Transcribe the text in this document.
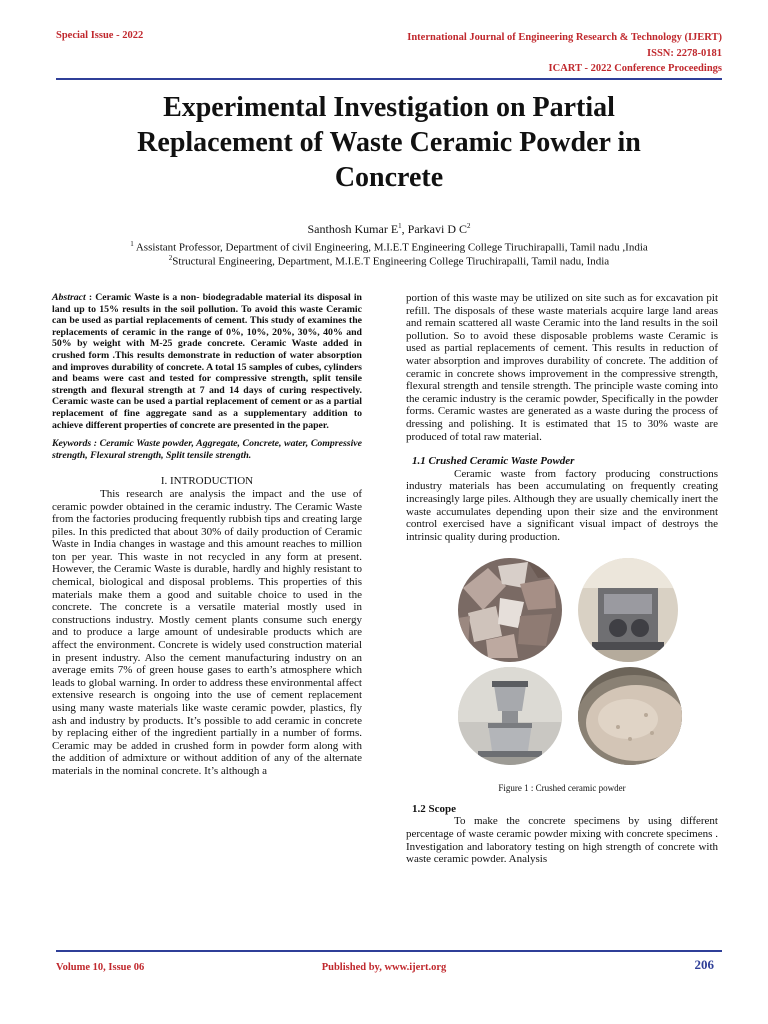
Special Issue - 2022	International Journal of Engineering Research & Technology (IJERT)
ISSN: 2278-0181
ICART - 2022 Conference Proceedings
Experimental Investigation on Partial
Replacement of Waste Ceramic Powder in
Concrete
Santhosh Kumar $E^1$, Parkavi D $C^2$
$^1$ Assistant Professor, Department of civil Engineering, M.I.E.T Engineering College Tiruchirapalli, Tamil nadu ,India
$^2$Structural Engineering, Department, M.I.E.T Engineering College Tiruchirapalli, Tamil nadu, India

Abstract : Ceramic Waste is a non- biodegradable material its disposal in land up to 15% results in the soil pollution. To avoid this waste Ceramic can be used as partial replacements of cement. This study of examines the replacements of ceramic in the range of 0%, 10%, 20%, 30%, 40% and 50% by weight with M-25 grade concrete. Ceramic Waste added in crushed form .This results demonstrate in reduction of water absorption and improves durability of concrete. A total 15 samples of cubes, cylinders and beams were cast and tested for compressive strength, split tensile strength and flexural strength at 7 and 14 days of curing respectively. Ceramic waste can be used a partial replacement of cement or as a partial replacement of fine aggregate sand as a supplementary addition to achieve different properties of concrete are presented in the paper.

Keywords : Ceramic Waste powder, Aggregate, Concrete, water, Compressive strength, Flexural strength, Split tensile strength.

I. INTRODUCTION

This research are analysis the impact and the use of ceramic powder obtained in the ceramic industry. The Ceramic Waste from the factories producing frequently rubbish tips and creating large piles. In this predicted that about 30% of daily production of Ceramic Waste in India changes in wastage and this amount reaches to million ton per year. This waste in not recycled in any form at present. However, the Ceramic Waste is durable, hardly and highly resistant to chemical, biological and disposal problems. This properties of this materials make them a good and suitable choice to used in the concrete. The concrete is a versatile material mostly used in constructions industry. Mostly cement plants consume such energy and to produce a large amount of undesirable products which are affect the environment. Concrete is widely used construction material in present industry. Also the cement manufacturing industry on an average emits 7% of green house gases to earth’s atmosphere which leads to global warning. In order to address these environmental affect extensive research is ongoing into the use of cement replacement using many waste materials like waste ceramic powder, plastics, fly ash and industry by products. It’s possible to add ceramic in concrete by replacing either of the ingredient partially in a number of forms. Ceramic may be added in crushed form in powder form along with the addition of admixture or without addition of any of the alternate materials in the nominal concrete. It’s although a

portion of this waste may be utilized on site such as for excavation pit refill. The disposals of these waste materials acquire large land areas and remain scattered all waste Ceramic into the land results in the soil pollution. So to avoid these disposable problems waste Ceramic is used as partial replacements of cement. This results in reduction of water absorption and improves durability of concrete. The addition of ceramic in concrete shows improvement in the compressive strength, flexural strength and tensile strength. The principle waste coming into the ceramic industry is the ceramic powder, Specifically in the powder forms. Ceramic wastes are generated as a waste during the process of dressing and polishing. It is estimated that 15 to 30% waste are produced of total raw material.

1.1 Crushed Ceramic Waste Powder

Ceramic waste from factory producing constructions industry materials has been accumulating on frequently creating increasingly large piles. Although they are usually chemically inert the waste accumulates depending upon their size and the environment control exercised have a significant visual impact of destroys the intrinsic quality during production.

Figure 1 : Crushed ceramic powder
1.2 Scope

To make the concrete specimens by using different percentage of waste ceramic powder mixing with concrete specimens . Investigation and laboratory testing on high strength of concrete with waste ceramic powder. Analysis

Volume 10, Issue 06	Published by, www.ijert.org	206
